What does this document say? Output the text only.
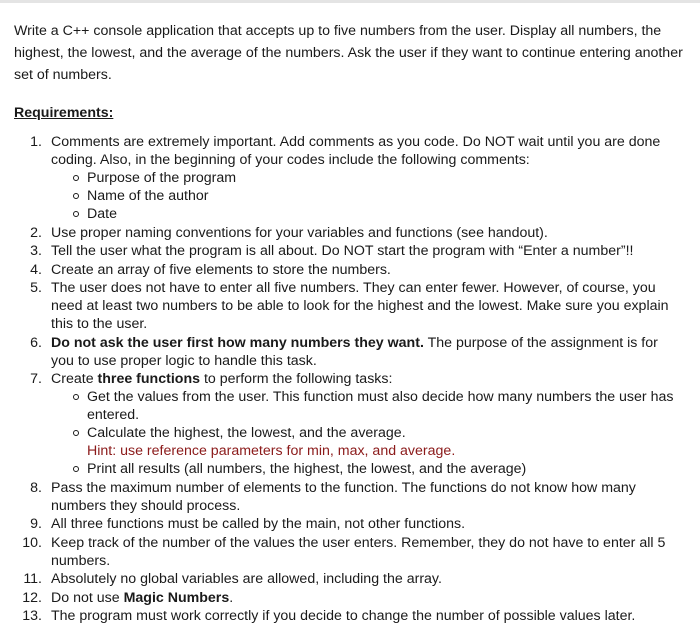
Write a C++ console application that accepts up to five numbers from the user. Display all numbers, the highest, the lowest, and the average of the numbers. Ask the user if they want to continue entering another set of numbers.

Requirements:
1. Comments are extremely important. Add comments as you code. Do NOT wait until you are done coding. Also, in the beginning of your codes include the following comments:
Purpose of the program
Name of the author
Date
2. Use proper naming conventions for your variables and functions (see handout).
3. Tell the user what the program is all about. Do NOT start the program with “Enter a number”!!
4. Create an array of five elements to store the numbers.
5. The user does not have to enter all five numbers. They can enter fewer. However, of course, you need at least two numbers to be able to look for the highest and the lowest. Make sure you explain this to the user.
6. Do not ask the user first how many numbers they want. The purpose of the assignment is for you to use proper logic to handle this task.
7. Create three functions to perform the following tasks:
Get the values from the user. This function must also decide how many numbers the user has entered.
Calculate the highest, the lowest, and the average.
Hint: use reference parameters for min, max, and average.
Print all results (all numbers, the highest, the lowest, and the average)
8. Pass the maximum number of elements to the function. The functions do not know how many numbers they should process.
9. All three functions must be called by the main, not other functions.
10. Keep track of the number of the values the user enters. Remember, they do not have to enter all 5 numbers.
11. Absolutely no global variables are allowed, including the array.
12. Do not use Magic Numbers.
13. The program must work correctly if you decide to change the number of possible values later.
